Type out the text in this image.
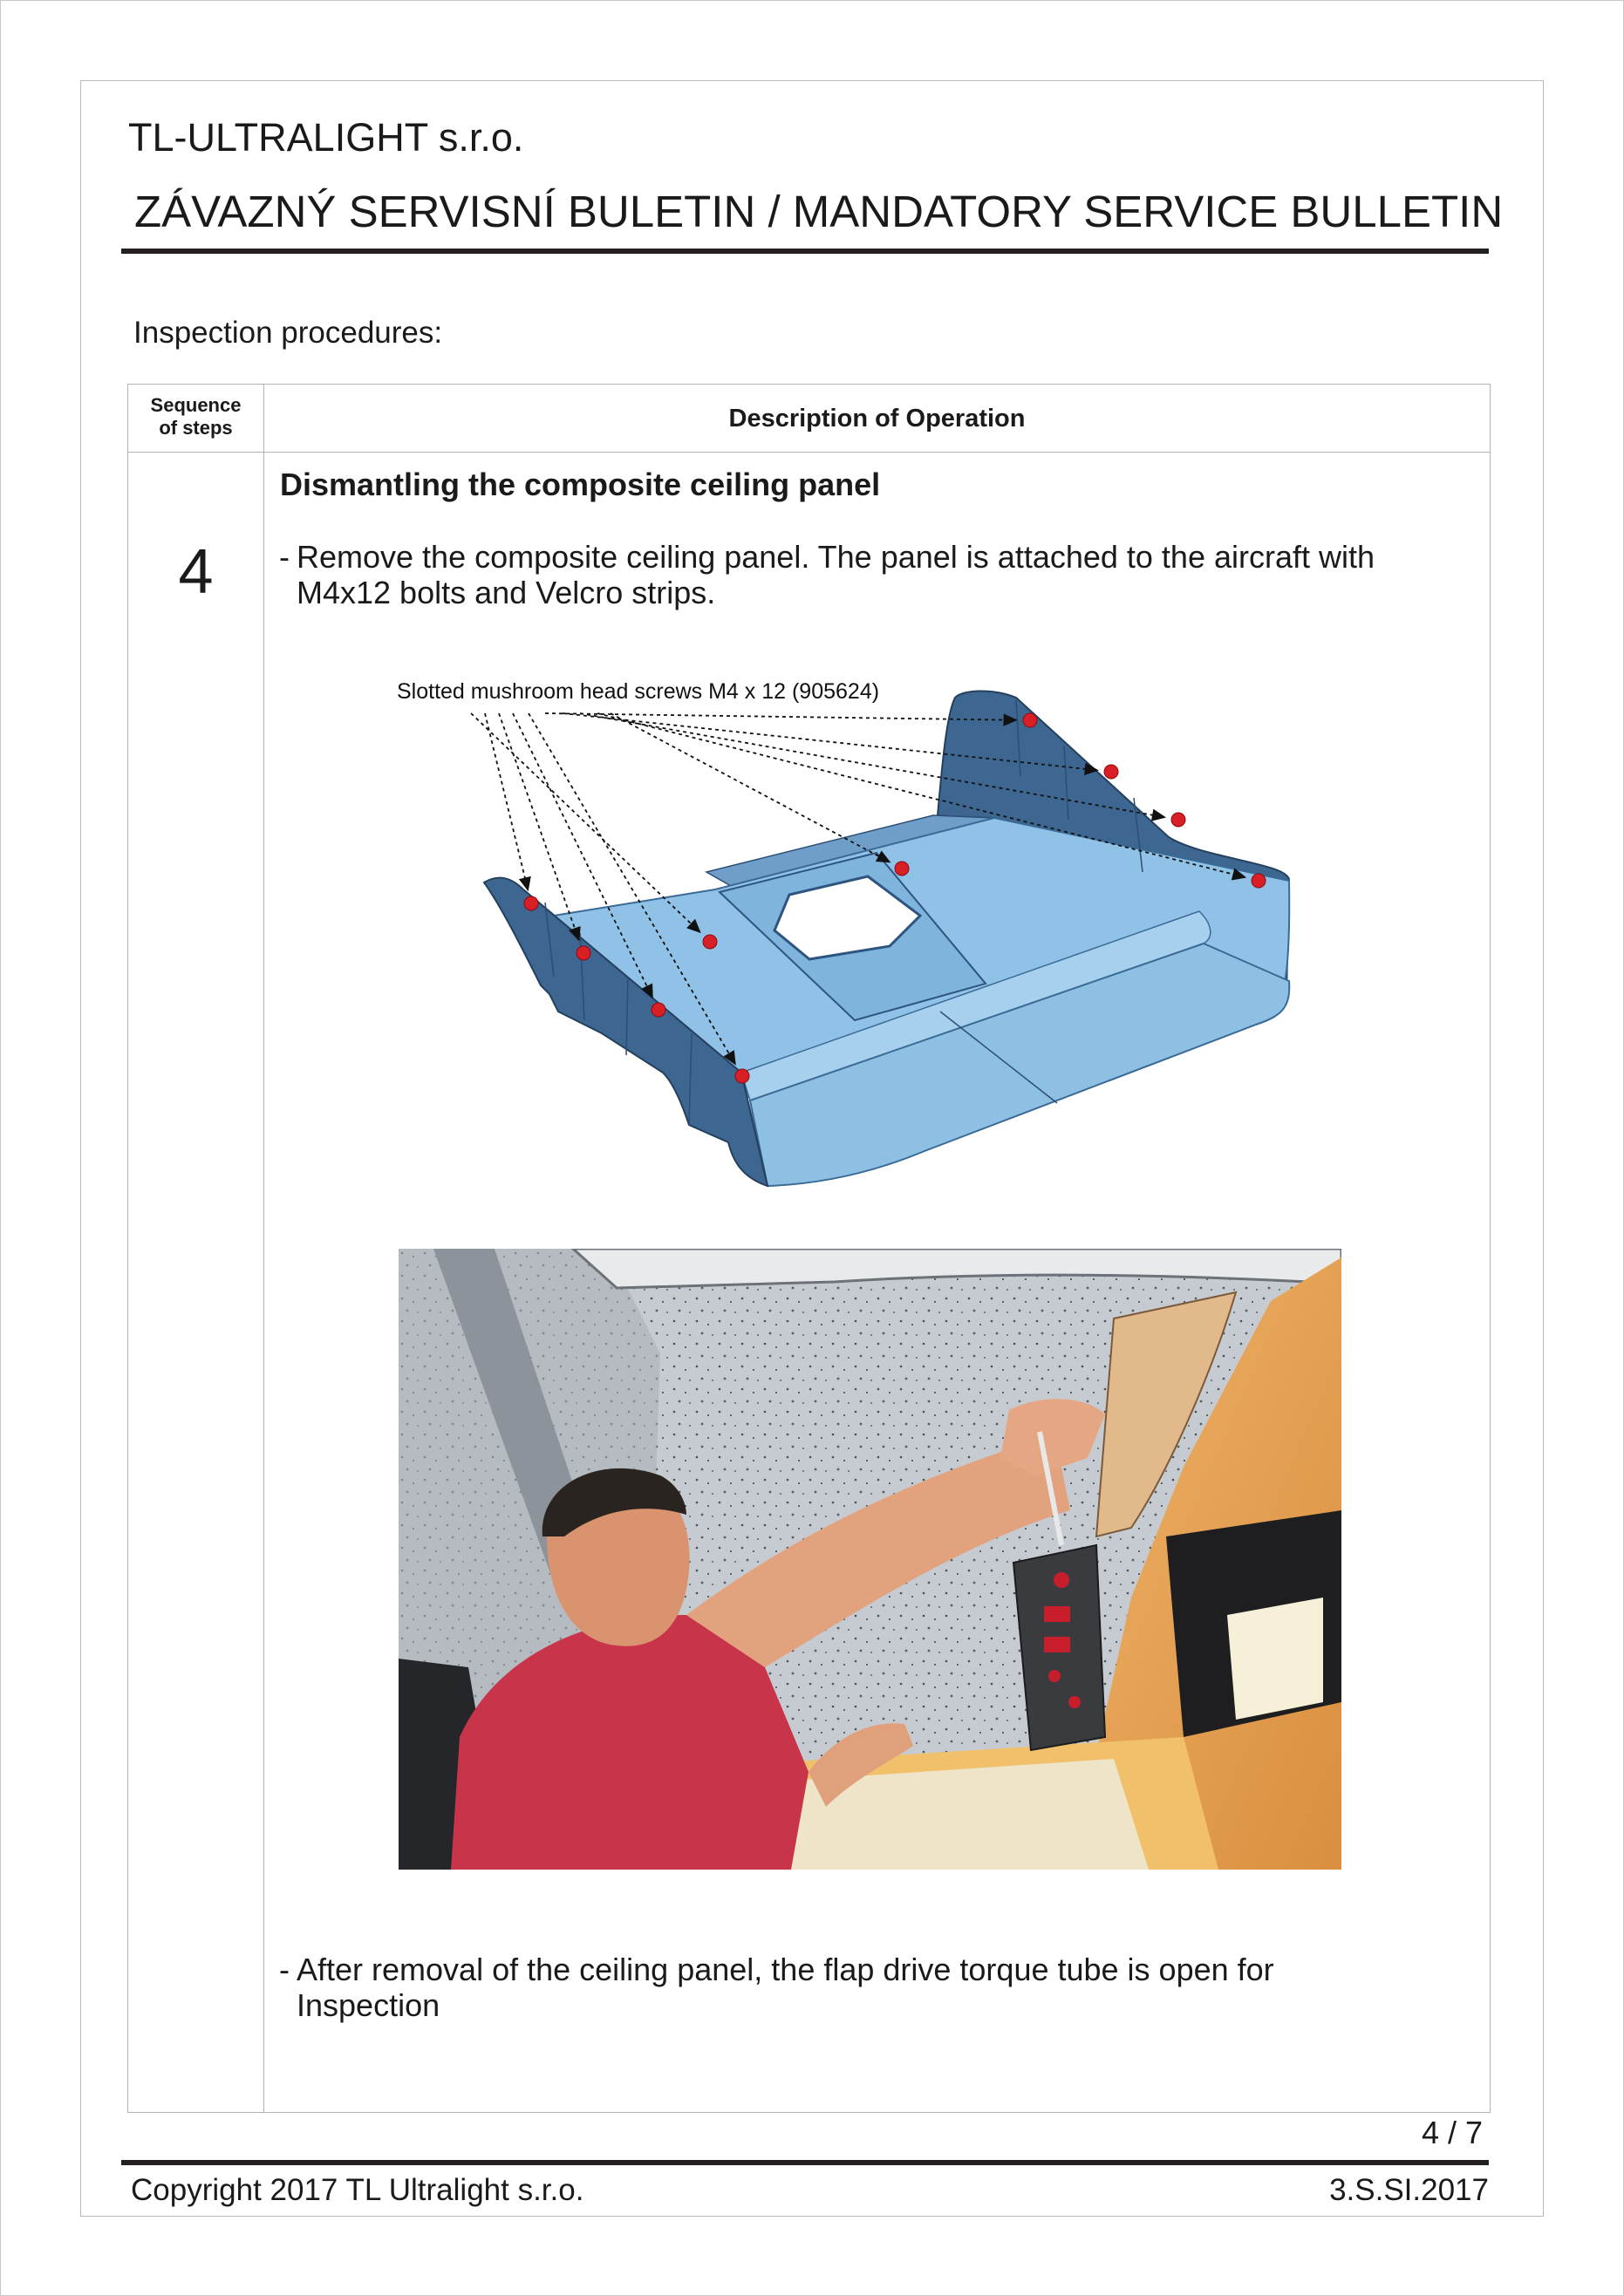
TL-ULTRALIGHT s.r.o.
ZÁVAZNÝ SERVISNÍ BULETIN / MANDATORY SERVICE BULLETIN
Inspection procedures:
Sequence
of steps	Description of Operation
4
Dismantling the composite ceiling panel
- Remove the composite ceiling panel. The panel is attached to the aircraft with
M4x12 bolts and Velcro strips.
- After removal of the ceiling panel, the flap drive torque tube is open for
Inspection
Slotted mushroom head screws M4 x 12 (905624)
4 / 7
Copyright 2017 TL Ultralight s.r.o.	3.S.SI.2017
